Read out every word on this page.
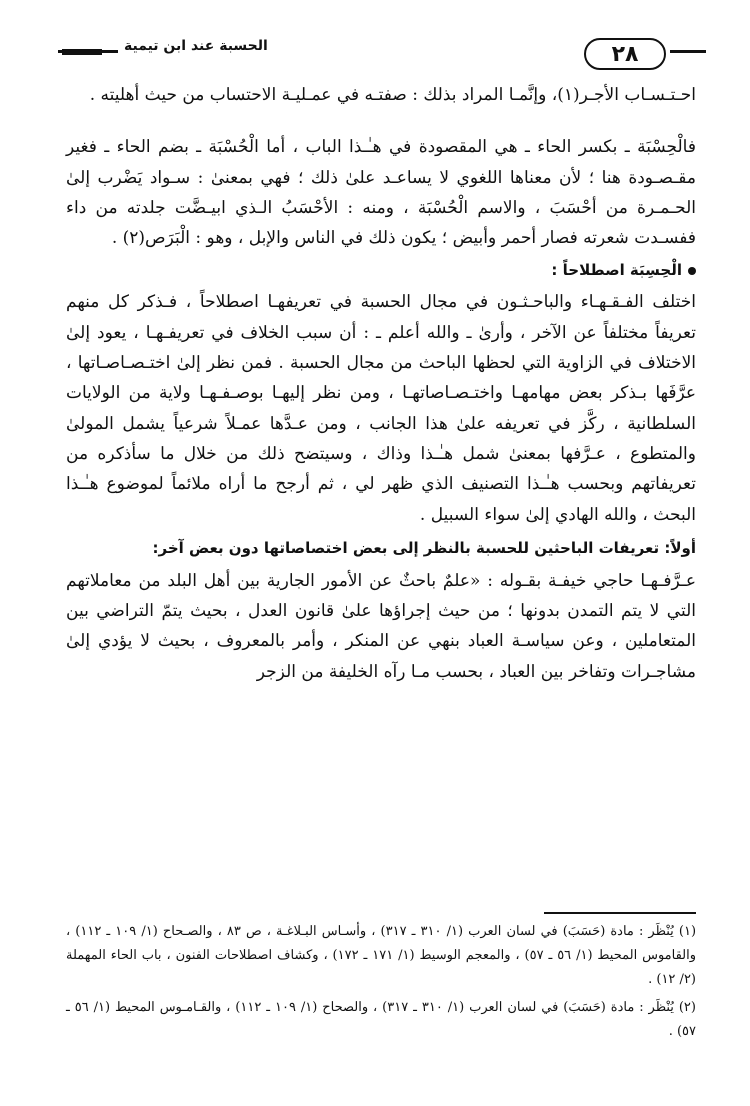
الحسبة عند ابن تيمية	٢٨

احـتـسـاب الأجـر(١)، وإنَّمـا المراد بذلك : صفتـه في عمـليـة الاحتساب من حيث أهليته .

فالْحِسْبَة ـ بكسر الحاء ـ هي المقصودة في هـٰـذا الباب ، أما الْحُسْبَة ـ بضم الحاء ـ فغير مقـصـودة هنا ؛ لأن معناها اللغوي لا يساعـد علىٰ ذلك ؛ فهي بمعنىٰ : سـواد يَضْرب إلىٰ الحـمـرة من أحْسَبَ ، والاسم الْحُسْبَة ، ومنه : الأحْسَبُ الـذي ابيـضَّت جلدته من داء ففسـدت شعرته فصار أحمر وأبيض ؛ يكون ذلك في الناس والإبل ، وهو : الْبَرَص(٢) .

الْحِسِبَة اصطلاحاً :

اختلف الفـقـهـاء والباحـثـون في مجال الحسبة في تعريفهـا اصطلاحاً ، فـذكر كل منهم تعريفاً مختلفاً عن الآخر ، وأرىٰ ـ والله أعلم ـ : أن سبب الخلاف في تعريفـهـا ، يعود إلىٰ الاختلاف في الزاوية التي لحظها الباحث من مجال الحسبة . فمن نظر إلىٰ اختـصـاصـاتها ، عرَّفَها بـذكر بعض مهامهـا واختـصـاصاتهـا ، ومن نظر إليهـا بوصـفـهـا ولاية من الولايات السلطانية ، ركَّز في تعريفه علىٰ هذا الجانب ، ومن عـدَّها عمـلاً شرعياً يشمل المولىٰ والمتطوع ، عـرَّفها بمعنىٰ شمل هـٰـذا وذاك ، وسيتضح ذلك من خلال ما سأذكره من تعريفاتهم وبحسب هـٰـذا التصنيف الذي ظهر لي ، ثم أرجح ما أراه ملائماً لموضوع هـٰـذا البحث ، والله الهادي إلىٰ سواء السبيل .

أولاً: تعريفات الباحثين للحسبة بالنظر إلى بعض اختصاصاتها دون بعض آخر:

عـرَّفـهـا حاجي خيفـة بقـوله : «علمٌ باحثٌ عن الأمور الجارية بين أهل البلد من معاملاتهم التي لا يتم التمدن بدونها ؛ من حيث إجراؤها علىٰ قانون العدل ، بحيث يتمّ التراضي بين المتعاملين ، وعن سياسـة العباد بنهي عن المنكر ، وأمر بالمعروف ، بحيث لا يؤدي إلىٰ مشاجـرات وتفاخر بين العباد ، بحسب مـا رآه الخليفة من الزجر

(١) يُنْظَر : مادة (حَسَبَ) في لسان العرب (١/ ٣١٠ ـ ٣١٧) ، وأسـاس البـلاغـة ، ص ٨٣ ، والصـحاح (١/ ١٠٩ ـ ١١٢) ، والقاموس المحيط (١/ ٥٦ ـ ٥٧) ، والمعجم الوسيط (١/ ١٧١ ـ ١٧٢) ، وكشاف اصطلاحات الفنون ، باب الحاء المهملة (٢/ ١٢) .

(٢) يُنْظَر : مادة (حَسَبَ) في لسان العرب (١/ ٣١٠ ـ ٣١٧) ، والصحاح (١/ ١٠٩ ـ ١١٢) ، والقـامـوس المحيط (١/ ٥٦ ـ ٥٧) .
